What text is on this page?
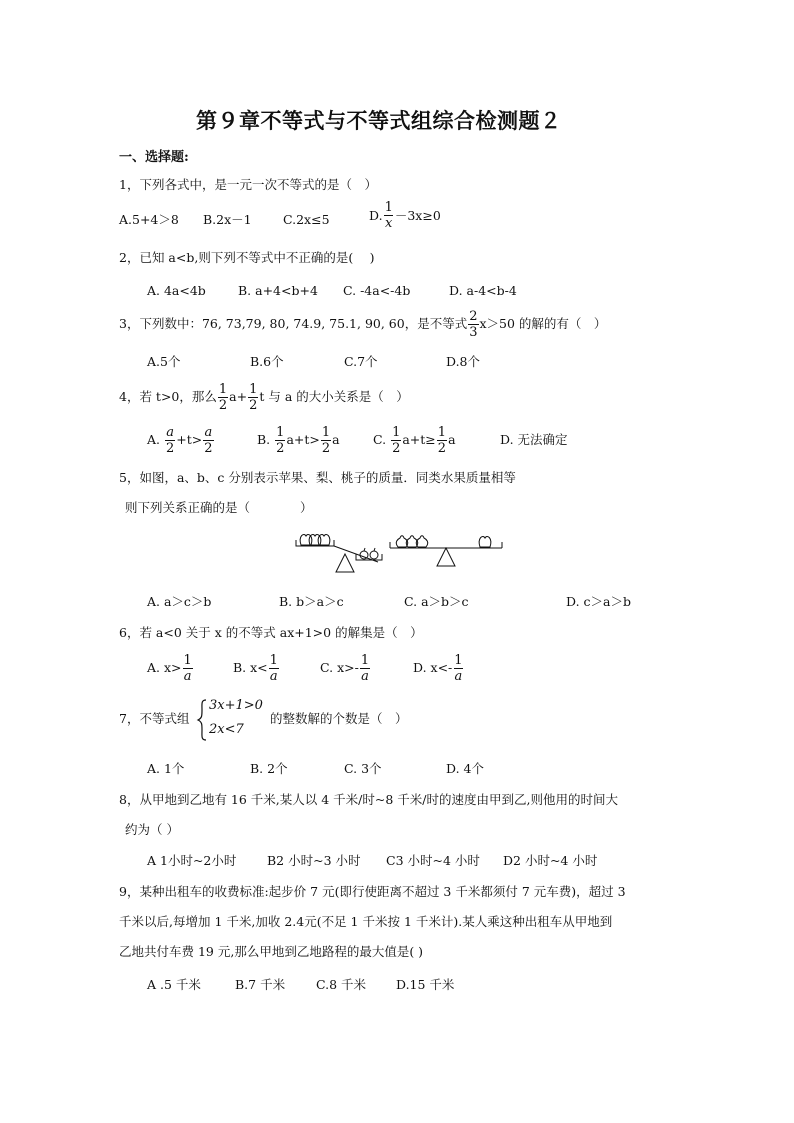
第９章不等式与不等式组综合检测题２
一、选择题:
1，下列各式中，是一元一次不等式的是（　）
A.5+4＞8 B.2x－1	C.2x≤5	D. $\frac{1}{x} -3x\ge 0$
2，已知 a<b,则下列不等式中不正确的是(　 )
A. 4a<4b	B. a+4<b+4 C. -4a<-4b	D. a-4<b-4
3，下列数中：76, 73,79, 80, 74.9, 75.1, 90, 60，是不等式 $\frac{2}{3} x>50$ 的解的有（　）
A.5个	B.6个	C.7个	D.8个
4，若 t>0，那么 $\frac{1}{2} a+ \frac{1}{2}$ t 与 a 的大小关系是（　）
A.
$\frac{a}{2} +t> \frac{a}{2}$	B.
$\frac{1}{2} a+t> \frac{1}{2}$ a	C.
$\frac{1}{2} a+t\ge \frac{1}{2}$ a	D. 无法确定
5，如图，a、b、c 分别表示苹果、梨、桃子的质量．同类水果质量相等
则下列关系正确的是（　　　　）
A. a＞c＞b	B. b＞a＞c	C. a＞b＞c	D. c＞a＞b
6，若 a<0 关于 x 的不等式 ax+1>0 的解集是（　）
A. $x> \frac{1}{a}$	B. $x< \frac{1}{a}$	C. $x>- \frac{1}{a}$	D. $x<- \frac{1}{a}$
7，不等式组
3x+1>0
2x<7
的整数解的个数是（　）
A. 1个	B. 2个	C. 3个	D. 4个
8，从甲地到乙地有 16 千米,某人以 4 千米/时~8 千米/时的速度由甲到乙,则他用的时间大
约为（ ）
A 1小时~2小时 B2 小时~3 小时 C3 小时~4 小时 D2 小时~4 小时
9，某种出租车的收费标准:起步价 7 元(即行使距离不超过 3 千米都须付 7 元车费)，超过 3
千米以后,每增加 1 千米,加收 2.4元(不足 1 千米按 1 千米计).某人乘这种出租车从甲地到
乙地共付车费 19 元,那么甲地到乙地路程的最大值是( )
A .5 千米	B.7 千米 C.8 千米 D.15 千米
